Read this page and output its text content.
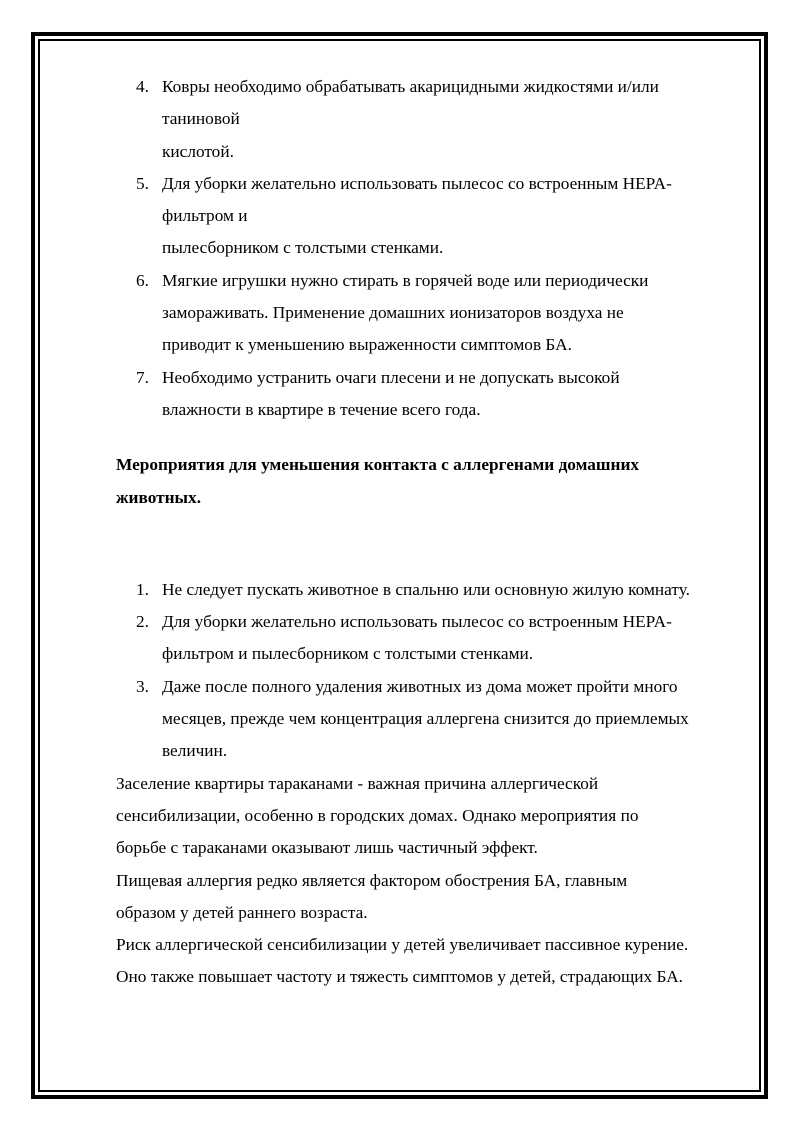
4. Ковры необходимо обрабатывать акарицидными жидкостями и/или
таниновой
кислотой.
5. Для уборки желательно использовать пылесос со встроенным HEPA-
фильтром и
пылесборником с толстыми стенками.
6. Мягкие игрушки нужно стирать в горячей воде или периодически
замораживать. Применение домашних ионизаторов воздуха не
приводит к уменьшению выраженности симптомов БА.
7. Необходимо устранить очаги плесени и не допускать высокой
влажности в квартире в течение всего года.
Мероприятия для уменьшения контакта с аллергенами домашних
животных.
1. Не следует пускать животное в спальню или основную жилую комнату.
2. Для уборки желательно использовать пылесос со встроенным HEPA-
фильтром и пылесборником с толстыми стенками.
3. Даже после полного удаления животных из дома может пройти много
месяцев, прежде чем концентрация аллергена снизится до приемлемых
величин.
Заселение квартиры тараканами - важная причина аллергической
сенсибилизации, особенно в городских домах. Однако мероприятия по
борьбе с тараканами оказывают лишь частичный эффект.
Пищевая аллергия редко является фактором обострения БА, главным
образом у детей раннего возраста.
Риск аллергической сенсибилизации у детей увеличивает пассивное курение.
Оно также повышает частоту и тяжесть симптомов у детей, страдающих БА.
